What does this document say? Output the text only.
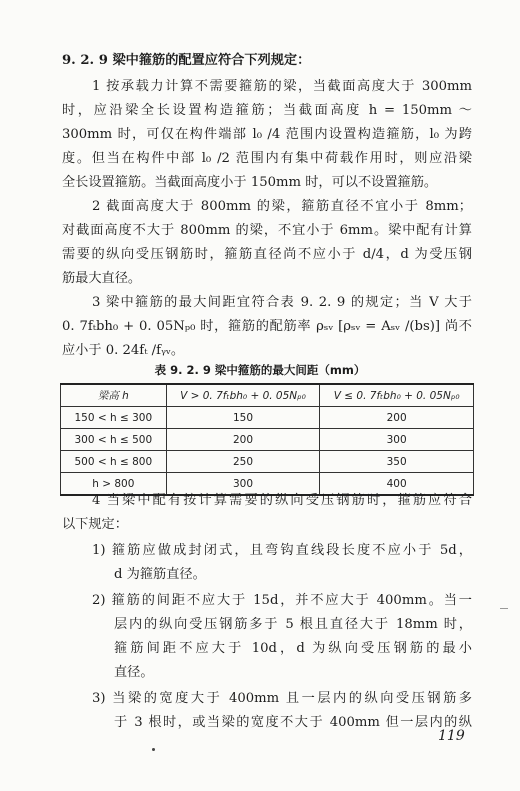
9. 2. 9 梁中箍筋的配置应符合下列规定：
1 按承载力计算不需要箍筋的梁，当截面高度大于 300mm
时，应沿梁全长设置构造箍筋；当截面高度 h = 150mm ～
300mm 时，可仅在构件端部 l₀ /4 范围内设置构造箍筋，l₀ 为跨
度。但当在构件中部 l₀ /2 范围内有集中荷载作用时，则应沿梁
全长设置箍筋。当截面高度小于 150mm 时，可以不设置箍筋。
2 截面高度大于 800mm 的梁，箍筋直径不宜小于 8mm；
对截面高度不大于 800mm 的梁，不宜小于 6mm。梁中配有计算
需要的纵向受压钢筋时，箍筋直径尚不应小于 d/4，d 为受压钢
筋最大直径。
3 梁中箍筋的最大间距宜符合表 9. 2. 9 的规定；当 V 大于
0. 7fₜbh₀ + 0. 05Nₚ₀ 时，箍筋的配筋率 ρₛᵥ [ρₛᵥ = Aₛᵥ /(bs)] 尚不
应小于 0. 24fₜ /fᵧᵥ。
表 9. 2. 9 梁中箍筋的最大间距（mm）
梁高 h	V > 0. 7fₜbh₀ + 0. 05Nₚ₀	V ≤ 0. 7fₜbh₀ + 0. 05Nₚ₀
150 < h ≤ 300	150	200
300 < h ≤ 500	200	300
500 < h ≤ 800	250	350
h > 800	300	400
4 当梁中配有按计算需要的纵向受压钢筋时，箍筋应符合
以下规定：
1) 箍筋应做成封闭式，且弯钩直线段长度不应小于 5d，
d 为箍筋直径。
2) 箍筋的间距不应大于 15d，并不应大于 400mm。当一
层内的纵向受压钢筋多于 5 根且直径大于 18mm 时，
箍筋间距不应大于 10d，d 为纵向受压钢筋的最小
直径。
3) 当梁的宽度大于 400mm 且一层内的纵向受压钢筋多
于 3 根时，或当梁的宽度不大于 400mm 但一层内的纵
119
